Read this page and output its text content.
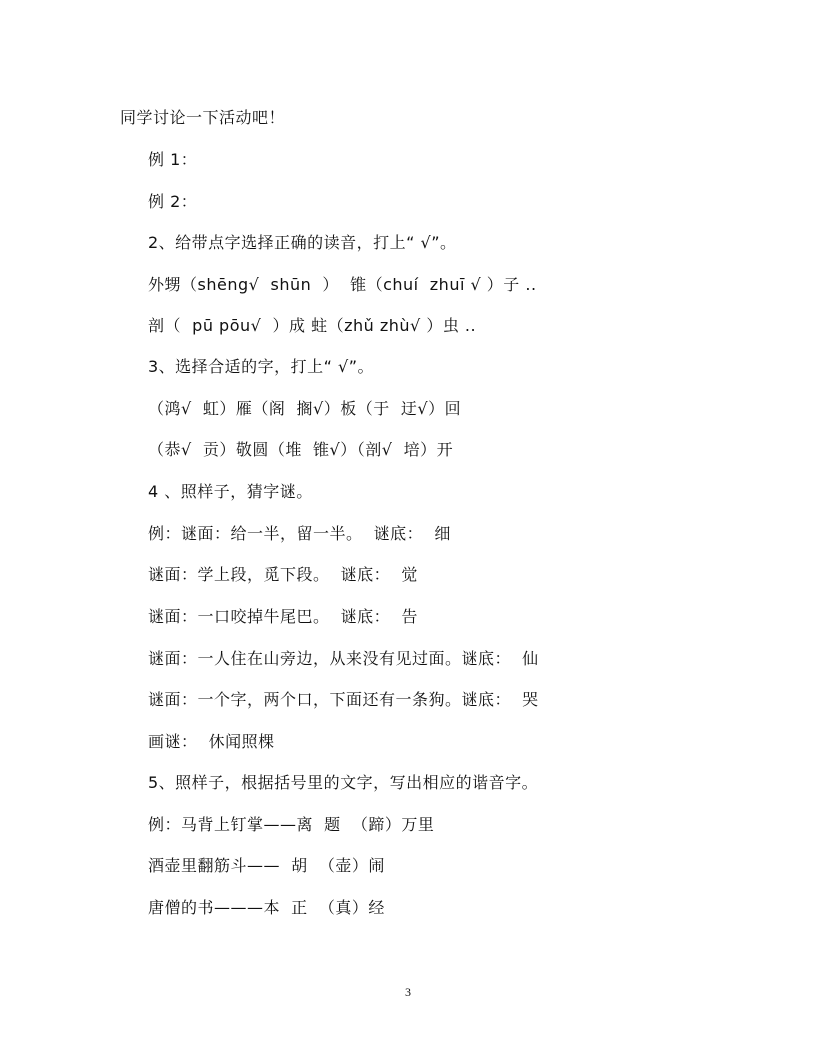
同学讨论一下活动吧！
例 1：
例 2：
2、给带点字选择正确的读音，打上“ √”。
外甥（shēng√  shūn  ）  锥（chuí  zhuī √ ）子 ..
剖（  pū pōu√  ）成 蛀（zhǔ zhù√ ）虫 ..
3、选择合适的字，打上“ √”。
（鸿√  虹）雁（阁  搁√）板（于  迂√）回
（恭√  贡）敬圆（堆  锥√）（剖√  培）开
4 、照样子，猜字谜。
例：谜面：给一半，留一半。  谜底：  细
谜面：学上段，觅下段。  谜底：  觉
谜面：一口咬掉牛尾巴。  谜底：  告
谜面：一人住在山旁边，从来没有见过面。谜底：  仙
谜面：一个字，两个口，下面还有一条狗。谜底：  哭
画谜：  休闻照棵
5、照样子，根据括号里的文字，写出相应的谐音字。
例：马背上钉掌——离  题  （蹄）万里
酒壶里翻筋斗——  胡  （壶）闹
唐僧的书———本  正  （真）经
3
